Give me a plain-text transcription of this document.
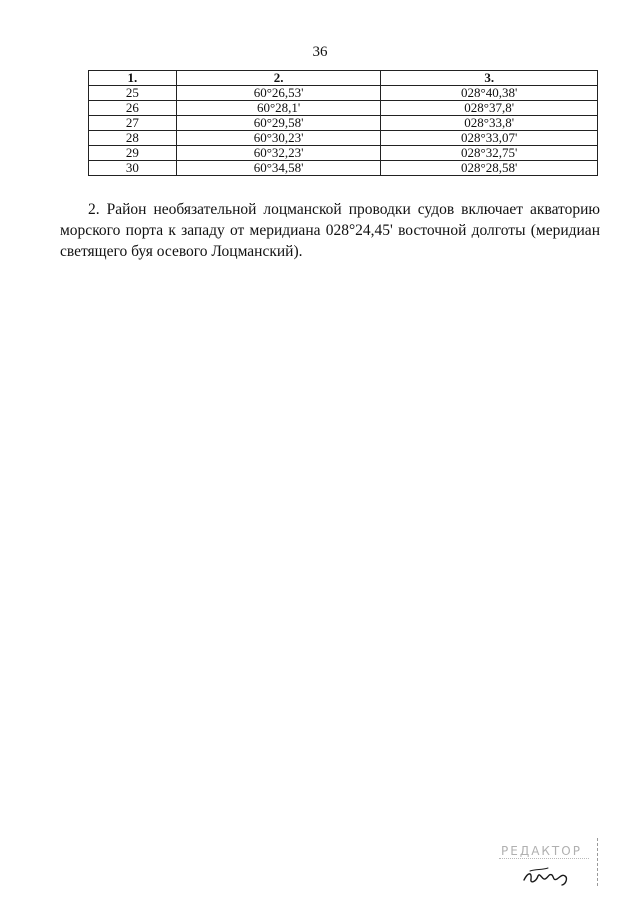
36
1.	2.	3.
25	60°26,53'	028°40,38'
26	60°28,1'	028°37,8'
27	60°29,58'	028°33,8'
28	60°30,23'	028°33,07'
29	60°32,23'	028°32,75'
30	60°34,58'	028°28,58'

2. Район необязательной лоцманской проводки судов включает акваторию морского порта к западу от меридиана 028°24,45' восточной долготы (меридиан светящего буя осевого Лоцманский).

РЕДАКТОР
